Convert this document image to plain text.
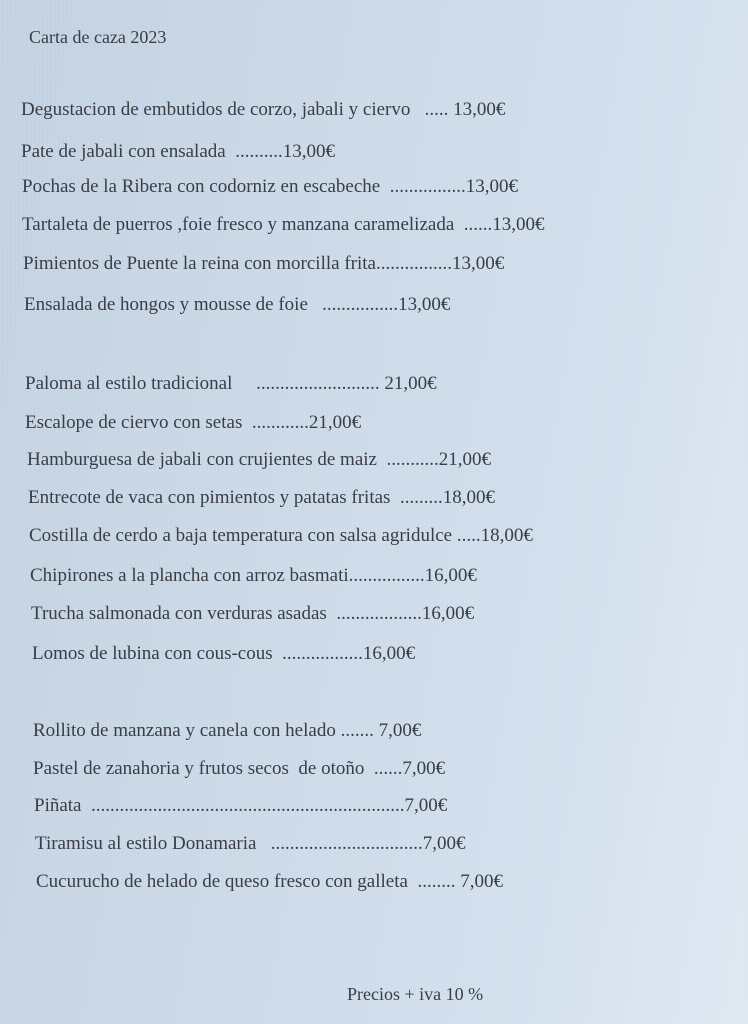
Carta de caza 2023
Degustacion de embutidos de corzo, jabali y ciervo   ..... 13,00€
Pate de jabali con ensalada  ..........13,00€
Pochas de la Ribera con codorniz en escabeche  ................13,00€
Tartaleta de puerros ,foie fresco y manzana caramelizada  ......13,00€
Pimientos de Puente la reina con morcilla frita................13,00€
Ensalada de hongos y mousse de foie   ................13,00€
Paloma al estilo tradicional     .......................... 21,00€
Escalope de ciervo con setas  ............21,00€
Hamburguesa de jabali con crujientes de maiz  ...........21,00€
Entrecote de vaca con pimientos y patatas fritas  .........18,00€
Costilla de cerdo a baja temperatura con salsa agridulce .....18,00€
Chipirones a la plancha con arroz basmati................16,00€
Trucha salmonada con verduras asadas  ..................16,00€
Lomos de lubina con cous-cous  .................16,00€
Rollito de manzana y canela con helado ....... 7,00€
Pastel de zanahoria y frutos secos  de otoño  ......7,00€
Piñata  ..................................................................7,00€
Tiramisu al estilo Donamaria   ................................7,00€
Cucurucho de helado de queso fresco con galleta  ........ 7,00€
Precios + iva 10 %
